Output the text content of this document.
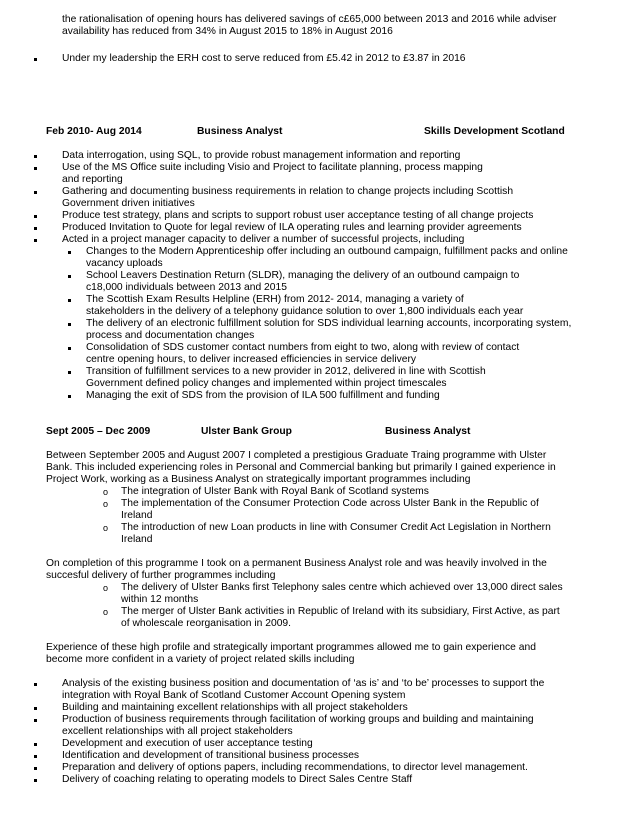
the rationalisation of opening hours has delivered savings of c£65,000 between 2013 and 2016 while adviser
availability has reduced from 34% in August 2015 to 18% in August 2016
Under my leadership the ERH cost to serve reduced from £5.42 in 2012 to £3.87 in 2016
Feb 2010- Aug 2014	Business Analyst	Skills Development Scotland
Data interrogation, using SQL, to provide robust management information and reporting
Use of the MS Office suite including Visio and Project to facilitate planning, process mapping
and reporting
Gathering and documenting business requirements in relation to change projects including Scottish
Government driven initiatives
Produce test strategy, plans and scripts to support robust user acceptance testing of all change projects
Produced Invitation to Quote for legal review of ILA operating rules and learning provider agreements
Acted in a project manager capacity to deliver a number of successful projects, including
Changes to the Modern Apprenticeship offer including an outbound campaign, fulfillment packs and online
vacancy uploads
School Leavers Destination Return (SLDR), managing the delivery of an outbound campaign to
c18,000 individuals between 2013 and 2015
The Scottish Exam Results Helpline (ERH) from 2012- 2014, managing a variety of
stakeholders in the delivery of a telephony guidance solution to over 1,800 individuals each year
The delivery of an electronic fulfillment solution for SDS individual learning accounts, incorporating system,
process and documentation changes
Consolidation of SDS customer contact numbers from eight to two, along with review of contact
centre opening hours, to deliver increased efficiencies in service delivery
Transition of fulfillment services to a new provider in 2012, delivered in line with Scottish
Government defined policy changes and implemented within project timescales
Managing the exit of SDS from the provision of ILA 500 fulfillment and funding
Sept 2005 – Dec 2009	Ulster Bank Group	Business Analyst
Between September 2005 and August 2007 I completed a prestigious Graduate Traing programme with Ulster
Bank. This included experiencing roles in Personal and Commercial banking but primarily I gained experience in
Project Work, working as a Business Analyst on strategically important programmes including
o The integration of Ulster Bank with Royal Bank of Scotland systems
o The implementation of the Consumer Protection Code across Ulster Bank in the Republic of
Ireland
o The introduction of new Loan products in line with Consumer Credit Act Legislation in Northern
Ireland
On completion of this programme I took on a permanent Business Analyst role and was heavily involved in the
succesful delivery of further programmes including
o The delivery of Ulster Banks first Telephony sales centre which achieved over 13,000 direct sales
within 12 months
o The merger of Ulster Bank activities in Republic of Ireland with its subsidiary, First Active, as part
of wholescale reorganisation in 2009.
Experience of these high profile and strategically important programmes allowed me to gain experience and
become more confident in a variety of project related skills including
Analysis of the existing business position and documentation of ‘as is’ and ‘to be’ processes to support the
integration with Royal Bank of Scotland Customer Account Opening system
Building and maintaining excellent relationships with all project stakeholders
Production of business requirements through facilitation of working groups and building and maintaining
excellent relationships with all project stakeholders
Development and execution of user acceptance testing
Identification and development of transitional business processes
Preparation and delivery of options papers, including recommendations, to director level management.
Delivery of coaching relating to operating models to Direct Sales Centre Staff
